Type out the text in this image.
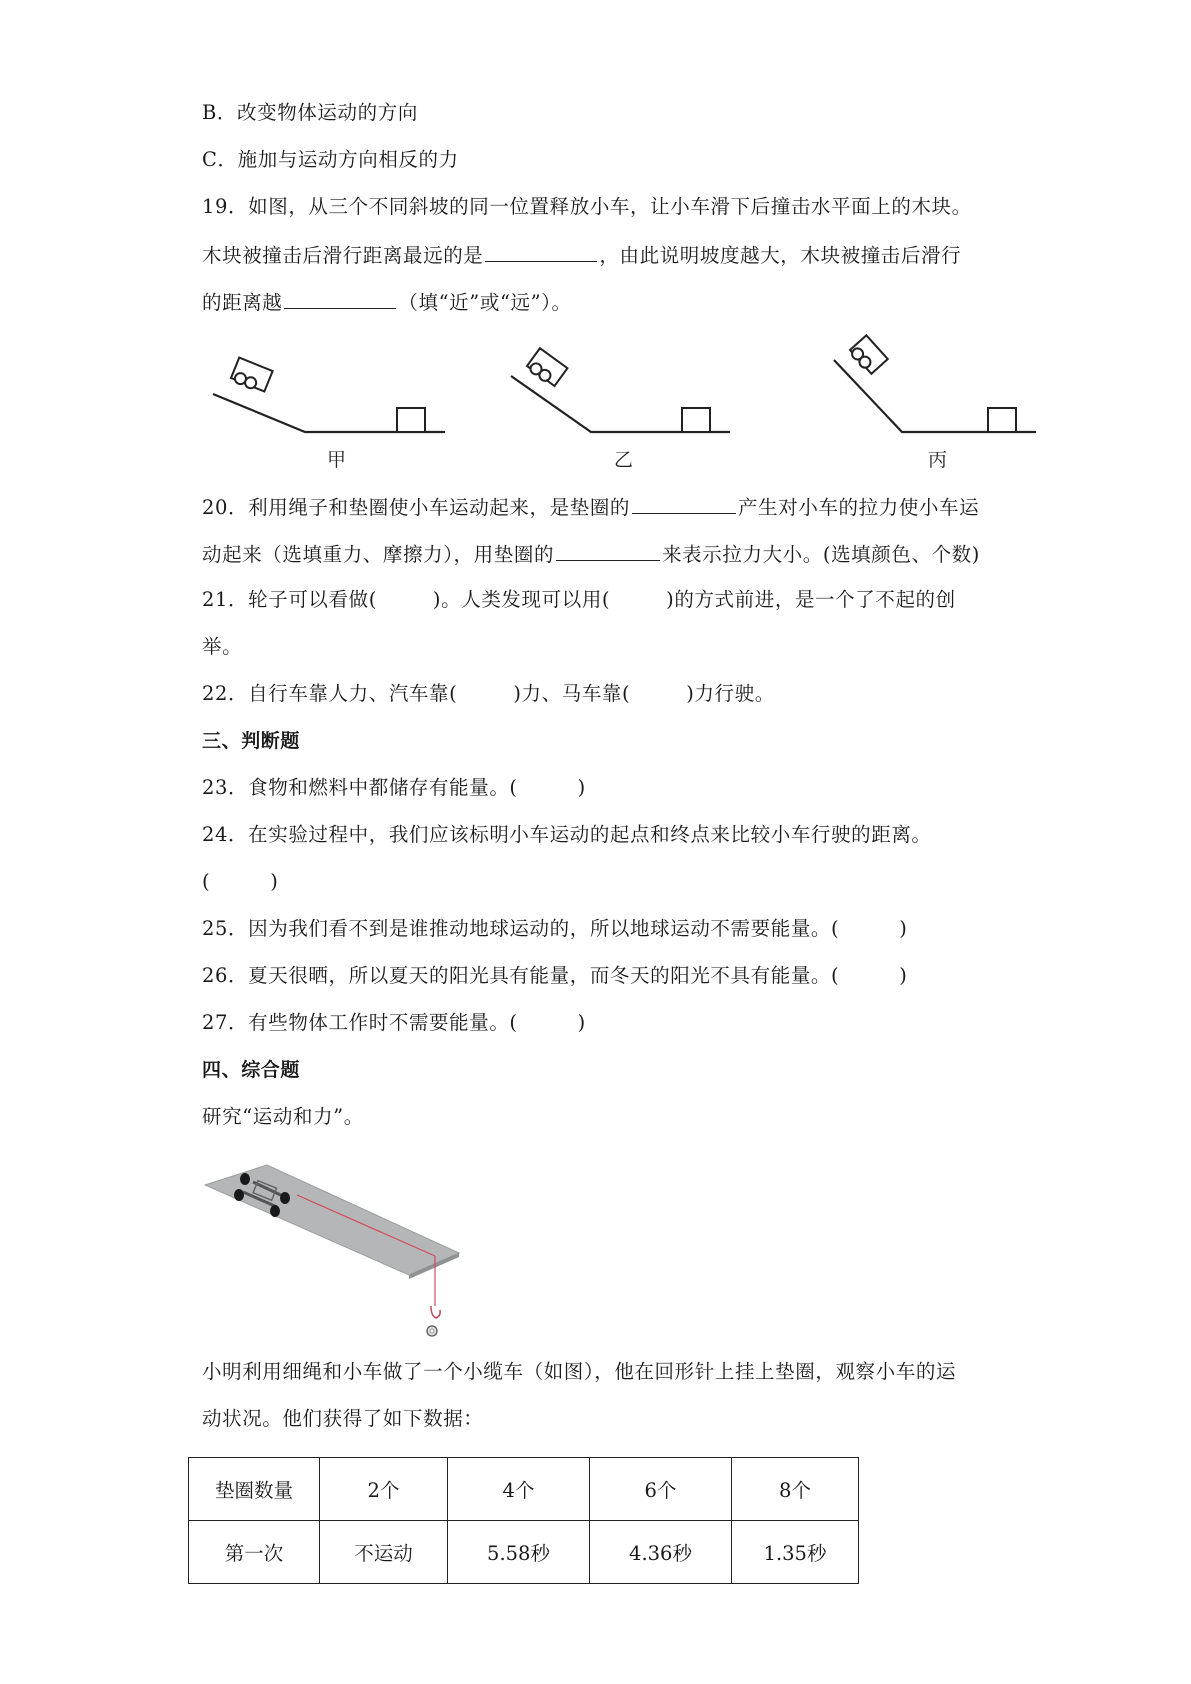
B．改变物体运动的方向
C．施加与运动方向相反的力
19．如图，从三个不同斜坡的同一位置释放小车，让小车滑下后撞击水平面上的木块。
木块被撞击后滑行距离最远的是	，由此说明坡度越大，木块被撞击后滑行
的距离越	（填“近”或“远”）。
甲	乙	丙
20．利用绳子和垫圈使小车运动起来，是垫圈的	产生对小车的拉力使小车运
动起来（选填重力、摩擦力），用垫圈的	来表示拉力大小。(选填颜色、个数)
21．轮子可以看做(	)。人类发现可以用(	)的方式前进，是一个了不起的创
举。
22．自行车靠人力、汽车靠(	)力、马车靠(	)力行驶。
三、判断题
23．食物和燃料中都储存有能量。(	)
24．在实验过程中，我们应该标明小车运动的起点和终点来比较小车行驶的距离。
(	)
25．因为我们看不到是谁推动地球运动的，所以地球运动不需要能量。(	)
26．夏天很晒，所以夏天的阳光具有能量，而冬天的阳光不具有能量。(	)
27．有些物体工作时不需要能量。(	)
四、综合题
研究“运动和力”。
小明利用细绳和小车做了一个小缆车（如图），他在回形针上挂上垫圈，观察小车的运
动状况。他们获得了如下数据：
垫圈数量	2个	4个	6个	8个
第一次	不运动	5.58秒	4.36秒	1.35秒
